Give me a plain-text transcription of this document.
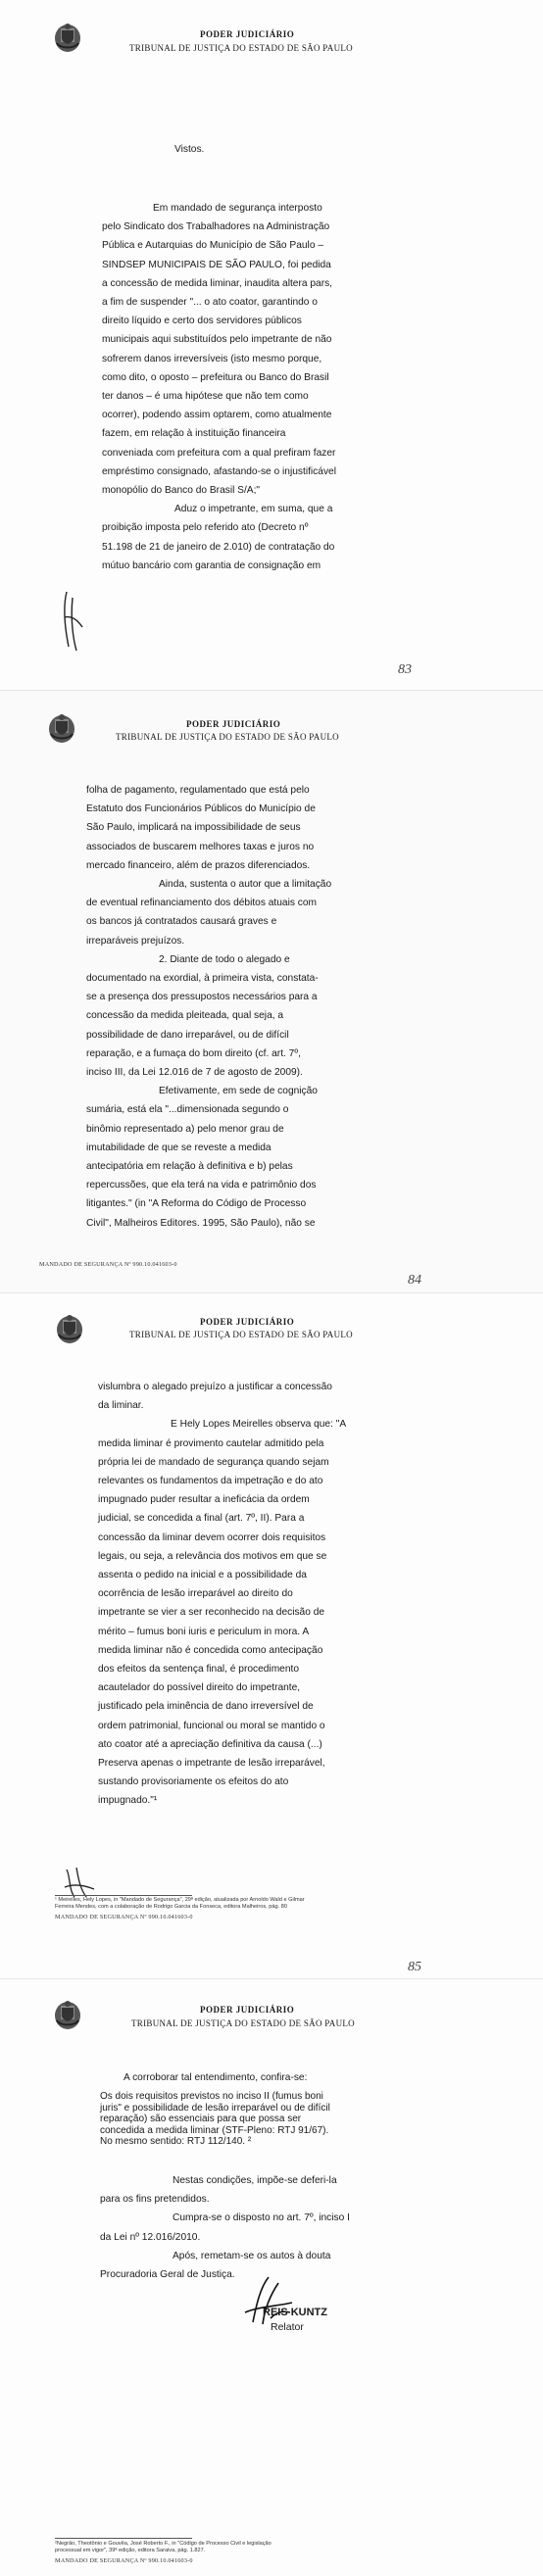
PODER JUDICIÁRIO
TRIBUNAL DE JUSTIÇA DO ESTADO DE SÃO PAULO
Vistos.

Em mandado de segurança interposto

pelo Sindicato dos Trabalhadores na Administração

Pública e Autarquias do Município de São Paulo –

SINDSEP MUNICIPAIS DE SÃO PAULO, foi pedida

a concessão de medida liminar, inaudita altera pars,

a fim de suspender "... o ato coator, garantindo o

direito líquido e certo dos servidores públicos

municipais aqui substituídos pelo impetrante de não

sofrerem danos irreversíveis (isto mesmo porque,

como dito, o oposto – prefeitura ou Banco do Brasil

ter danos – é uma hipótese que não tem como

ocorrer), podendo assim optarem, como atualmente

fazem, em relação à instituição financeira

conveniada com prefeitura com a qual prefiram fazer

empréstimo consignado, afastando-se o injustificável

monopólio do Banco do Brasil S/A;"

Aduz o impetrante, em suma, que a

proibição imposta pelo referido ato (Decreto nº

51.198 de 21 de janeiro de 2.010) de contratação do

mútuo bancário com garantia de consignação em

83
PODER JUDICIÁRIO
TRIBUNAL DE JUSTIÇA DO ESTADO DE SÃO PAULO

folha de pagamento, regulamentado que está pelo

Estatuto dos Funcionários Públicos do Município de

São Paulo, implicará na impossibilidade de seus

associados de buscarem melhores taxas e juros no

mercado financeiro, além de prazos diferenciados.

Ainda, sustenta o autor que a limitação

de eventual refinanciamento dos débitos atuais com

os bancos já contratados causará graves e

irreparáveis prejuízos.

2. Diante de todo o alegado e

documentado na exordial, à primeira vista, constata-

se a presença dos pressupostos necessários para a

concessão da medida pleiteada, qual seja, a

possibilidade de dano irreparável, ou de difícil

reparação, e a fumaça do bom direito (cf. art. 7º,

inciso III, da Lei 12.016 de 7 de agosto de 2009).

Efetivamente, em sede de cognição

sumária, está ela "...dimensionada segundo o

binômio representado a) pelo menor grau de

imutabilidade de que se reveste a medida

antecipatória em relação à definitiva e b) pelas

repercussões, que ela terá na vida e patrimônio dos

litigantes." (in "A Reforma do Código de Processo

Civil", Malheiros Editores. 1995, São Paulo), não se

MANDADO DE SEGURANÇA Nº 990.10.041603-0
84
PODER JUDICIÁRIO
TRIBUNAL DE JUSTIÇA DO ESTADO DE SÃO PAULO

vislumbra o alegado prejuízo a justificar a concessão

da liminar.

E Hely Lopes Meirelles observa que: "A

medida liminar é provimento cautelar admitido pela

própria lei de mandado de segurança quando sejam

relevantes os fundamentos da impetração e do ato

impugnado puder resultar a ineficácia da ordem

judicial, se concedida a final (art. 7º, II). Para a

concessão da liminar devem ocorrer dois requisitos

legais, ou seja, a relevância dos motivos em que se

assenta o pedido na inicial e a possibilidade da

ocorrência de lesão irreparável ao direito do

impetrante se vier a ser reconhecido na decisão de

mérito – fumus boni iuris e periculum in mora. A

medida liminar não é concedida como antecipação

dos efeitos da sentença final, é procedimento

acautelador do possível direito do impetrante,

justificado pela iminência de dano irreversível de

ordem patrimonial, funcional ou moral se mantido o

ato coator até a apreciação definitiva da causa (...)

Preserva apenas o impetrante de lesão irreparável,

sustando provisoriamente os efeitos do ato

impugnado."¹

¹ Meirelles, Hely Lopes, in "Mandado de Segurança", 29ª edição, atualizada por Arnoldo Wald e Gilmar
Ferreira Mendes, com a colaboração de Rodrigo Garcia da Fonseca, editora Malheiros, pág. 80
MANDADO DE SEGURANÇA Nº 990.10.041603-0
85
PODER JUDICIÁRIO
TRIBUNAL DE JUSTIÇA DO ESTADO DE SÃO PAULO
A corroborar tal entendimento, confira-se:
Os dois requisitos previstos no inciso II (fumus boni
juris" e possibilidade de lesão irreparável ou de difícil
reparação) são essenciais para que possa ser
concedida a medida liminar (STF-Pleno: RTJ 91/67).
No mesmo sentido: RTJ 112/140. ²

Nestas condições, impõe-se deferi-la

para os fins pretendidos.

Cumpra-se o disposto no art. 7º, inciso I

da Lei nº 12.016/2010.

Após, remetam-se os autos à douta

Procuradoria Geral de Justiça.

REIS KUNTZ
Relator
²Negrão, Theotônio e Gouvêa, José Roberto F., in "Código de Processo Civil e legislação
processual em vigor", 39ª edição, editora Saraiva, pág. 1.827.
MANDADO DE SEGURANÇA Nº 990.10.041603-0
